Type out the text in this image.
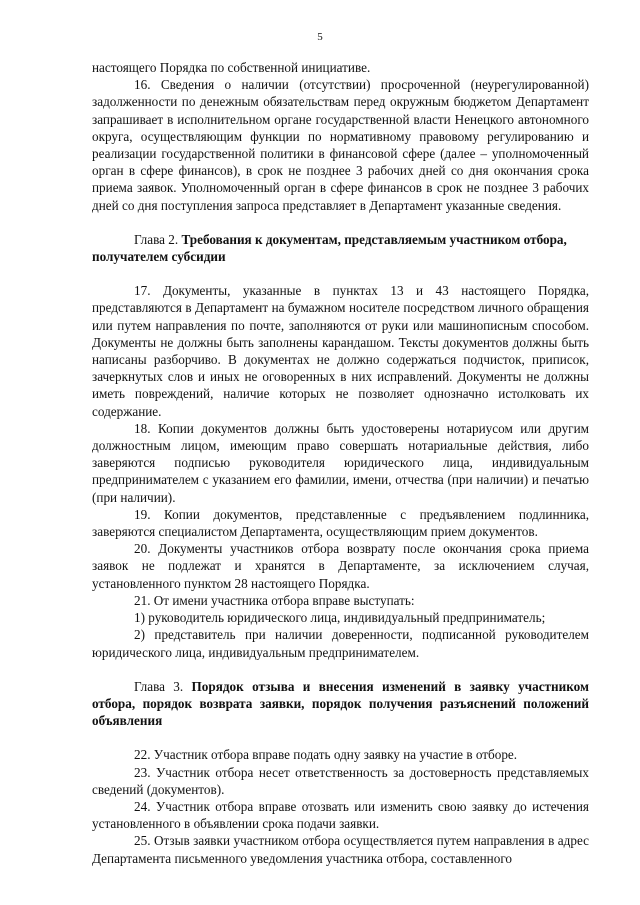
5

настоящего Порядка по собственной инициативе.

16. Сведения о наличии (отсутствии) просроченной (неурегулированной) задолженности по денежным обязательствам перед окружным бюджетом Департамент запрашивает в исполнительном органе государственной власти Ненецкого автономного округа, осуществляющим функции по нормативному правовому регулированию и реализации государственной политики в финансовой сфере (далее – уполномоченный орган в сфере финансов), в срок не позднее 3 рабочих дней со дня окончания срока приема заявок. Уполномоченный орган в сфере финансов в срок не позднее 3 рабочих дней со дня поступления запроса представляет в Департамент указанные сведения.

Глава 2. Требования к документам, представляемым участником отбора, получателем субсидии

17. Документы, указанные в пунктах 13 и 43 настоящего Порядка, представляются в Департамент на бумажном носителе посредством личного обращения или путем направления по почте, заполняются от руки или машинописным способом. Документы не должны быть заполнены карандашом. Тексты документов должны быть написаны разборчиво. В документах не должно содержаться подчисток, приписок, зачеркнутых слов и иных не оговоренных в них исправлений. Документы не должны иметь повреждений, наличие которых не позволяет однозначно истолковать их содержание.

18. Копии документов должны быть удостоверены нотариусом или другим должностным лицом, имеющим право совершать нотариальные действия, либо заверяются подписью руководителя юридического лица, индивидуальным предпринимателем с указанием его фамилии, имени, отчества (при наличии) и печатью (при наличии).

19. Копии документов, представленные с предъявлением подлинника, заверяются специалистом Департамента, осуществляющим прием документов.

20. Документы участников отбора возврату после окончания срока приема заявок не подлежат и хранятся в Департаменте, за исключением случая, установленного пунктом 28 настоящего Порядка.

21. От имени участника отбора вправе выступать:

1) руководитель юридического лица, индивидуальный предприниматель;

2) представитель при наличии доверенности, подписанной руководителем юридического лица, индивидуальным предпринимателем.

Глава 3. Порядок отзыва и внесения изменений в заявку участником отбора, порядок возврата заявки, порядок получения разъяснений положений объявления

22. Участник отбора вправе подать одну заявку на участие в отборе.

23. Участник отбора несет ответственность за достоверность представляемых сведений (документов).

24. Участник отбора вправе отозвать или изменить свою заявку до истечения установленного в объявлении срока подачи заявки.

25. Отзыв заявки участником отбора осуществляется путем направления в адрес Департамента письменного уведомления участника отбора, составленного
